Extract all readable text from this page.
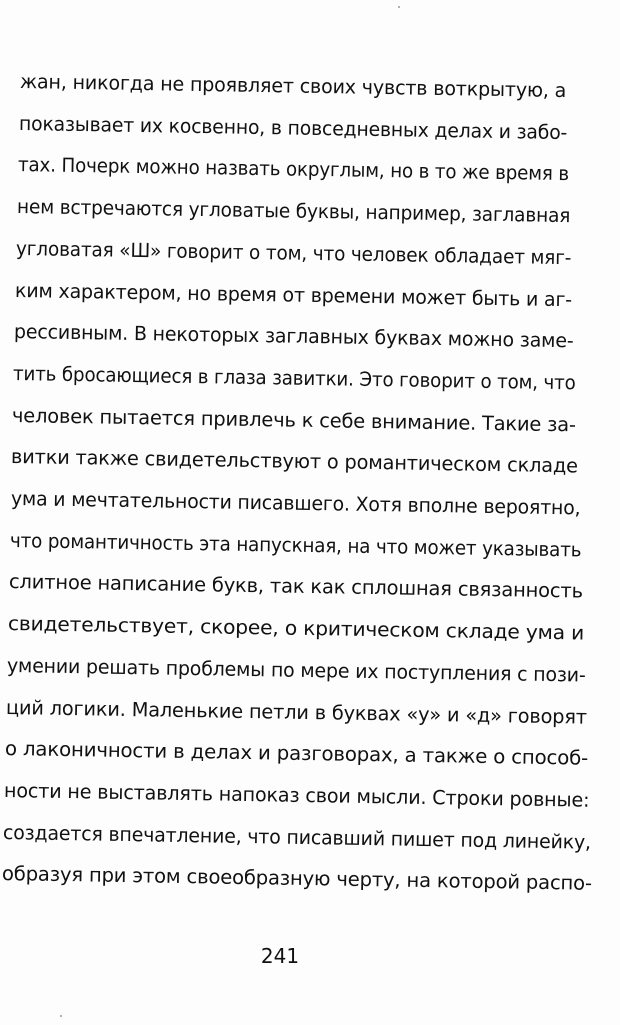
жан, никогда не проявляет своих чувств воткрытую, а
показывает их косвенно, в повседневных делах и забо-
тах. Почерк можно назвать округлым, но в то же время в
нем встречаются угловатые буквы, например, заглавная
угловатая «Ш» говорит о том, что человек обладает мяг-
ким характером, но время от времени может быть и аг-
рессивным. В некоторых заглавных буквах можно заме-
тить бросающиеся в глаза завитки. Это говорит о том, что
человек пытается привлечь к себе внимание. Такие за-
витки также свидетельствуют о романтическом складе
ума и мечтательности писавшего. Хотя вполне вероятно,
что романтичность эта напускная, на что может указывать
слитное написание букв, так как сплошная связанность
свидетельствует, скорее, о критическом складе ума и
умении решать проблемы по мере их поступления с пози-
ций логики. Маленькие петли в буквах «у» и «д» говорят
о лаконичности в делах и разговорах, а также о способ-
ности не выставлять напоказ свои мысли. Строки ровные:
создается впечатление, что писавший пишет под линейку,
образуя при этом своеобразную черту, на которой распо-
241
